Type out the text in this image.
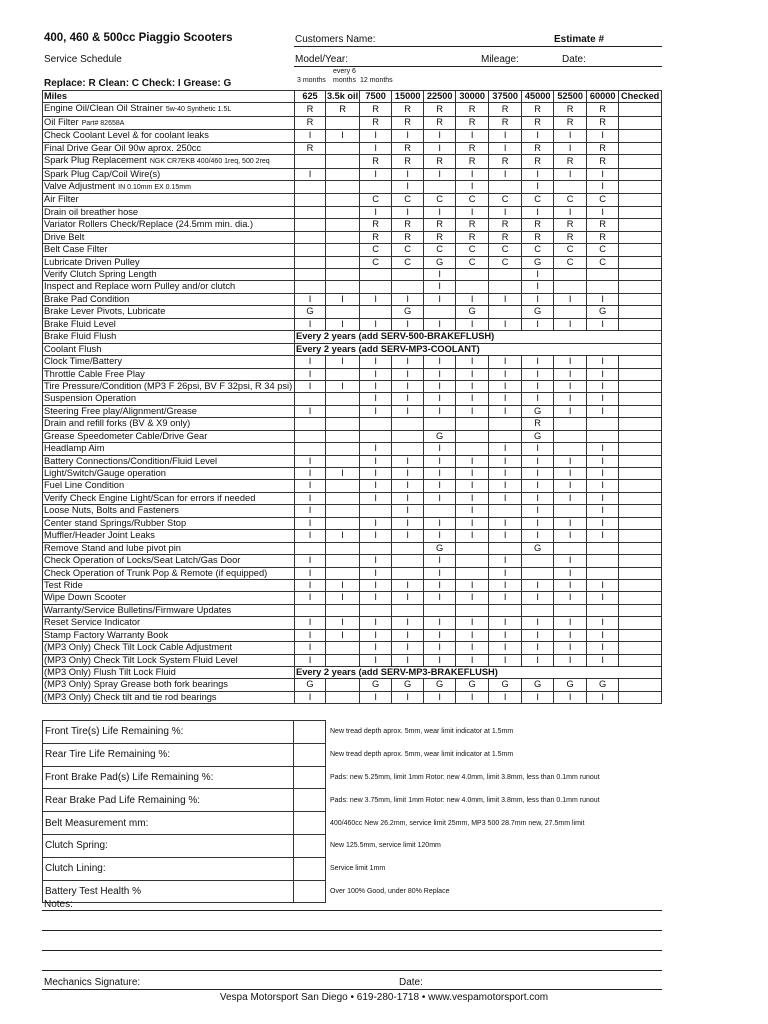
400, 460 & 500cc Piaggio Scooters	Customers Name:	Estimate #
Service Schedule	Model/Year:	Mileage:	Date:
Replace: R Clean: C Check: I Grease: G
every 6
3 months months 12 months
Miles	625	3.5k oil	7500	15000	22500	30000	37500	45000	52500	60000	Checked
Engine Oil/Clean Oil Strainer 5w-40 Synthetic 1.5L	R	R	R	R	R	R	R	R	R	R	
Oil Filter Part# 82658A	R		R	R	R	R	R	R	R	R	
Check Coolant Level & for coolant leaks	I	I	I	I	I	I	I	I	I	I	
Final Drive Gear Oil 90w aprox. 250cc	R		I	R	I	R	I	R	I	R	
Spark Plug Replacement NGK CR7EKB 400/460 1req, 500 2req			R	R	R	R	R	R	R	R	
Spark Plug Cap/Coil Wire(s)	I		I	I	I	I	I	I	I	I	
Valve Adjustment IN 0.10mm EX 0.15mm				I		I		I		I	
Air Filter			C	C	C	C	C	C	C	C	
Drain oil breather hose			I	I	I	I	I	I	I	I	
Variator Rollers Check/Replace (24.5mm min. dia.)			R	R	R	R	R	R	R	R	
Drive Belt			R	R	R	R	R	R	R	R	
Belt Case Filter			C	C	C	C	C	C	C	C	
Lubricate Driven Pulley			C	C	G	C	C	G	C	C	
Verify Clutch Spring Length					I			I			
Inspect and Replace worn Pulley and/or clutch					I			I			
Brake Pad Condition	I	I	I	I	I	I	I	I	I	I	
Brake Lever Pivots, Lubricate	G			G		G		G		G	
Brake Fluid Level	I	I	I	I	I	I	I	I	I	I	
Brake Fluid Flush	Every 2 years (add SERV-500-BRAKEFLUSH)										
Coolant Flush	Every 2 years (add SERV-MP3-COOLANT)										
Clock Time/Battery	I	I	I	I	I	I	I	I	I	I	
Throttle Cable Free Play	I		I	I	I	I	I	I	I	I	
Tire Pressure/Condition (MP3 F 26psi, BV F 32psi, R 34 psi)	I	I	I	I	I	I	I	I	I	I	
Suspension Operation			I	I	I	I	I	I	I	I	
Steering Free play/Alignment/Grease	I		I	I	I	I	I	G	I	I	
Drain and refill forks (BV & X9 only)								R			
Grease Speedometer Cable/Drive Gear					G			G			
Headlamp Aim			I		I		I	I		I	
Battery Connections/Condition/Fluid Level	I		I	I	I	I	I	I	I	I	
Light/Switch/Gauge operation	I	I	I	I	I	I	I	I	I	I	
Fuel Line Condition	I		I	I	I	I	I	I	I	I	
Verify Check Engine Light/Scan for errors if needed	I		I	I	I	I	I	I	I	I	
Loose Nuts, Bolts and Fasteners	I			I		I		I		I	
Center stand Springs/Rubber Stop	I		I	I	I	I	I	I	I	I	
Muffler/Header Joint Leaks	I	I	I	I	I	I	I	I	I	I	
Remove Stand and lube pivot pin					G			G			
Check Operation of Locks/Seat Latch/Gas Door	I		I		I		I		I		
Check Operation of Trunk Pop & Remote (if equipped)	I		I		I		I		I		
Test Ride	I	I	I	I	I	I	I	I	I	I	
Wipe Down Scooter	I	I	I	I	I	I	I	I	I	I	
Warranty/Service Bulletins/Firmware Updates											
Reset Service Indicator	I	I	I	I	I	I	I	I	I	I	
Stamp Factory Warranty Book	I	I	I	I	I	I	I	I	I	I	
(MP3 Only) Check Tilt Lock Cable Adjustment	I		I	I	I	I	I	I	I	I	
(MP3 Only) Check Tilt Lock System Fluid Level	I		I	I	I	I	I	I	I	I	
(MP3 Only) Flush Tilt Lock Fluid	Every 2 years (add SERV-MP3-BRAKEFLUSH)										
(MP3 Only) Spray Grease both fork bearings	G		G	G	G	G	G	G	G	G	
(MP3 Only) Check tilt and tie rod bearings	I		I	I	I	I	I	I	I	I	
Front Tire(s) Life Remaining %:		New tread depth aprox. 5mm, wear limit indicator at 1.5mm
Rear Tire Life Remaining %:		New tread depth aprox. 5mm, wear limit indicator at 1.5mm
Front Brake Pad(s) Life Remaining %:		Pads: new 5.25mm, limit 1mm Rotor: new 4.0mm, limit 3.8mm, less than 0.1mm runout
Rear Brake Pad Life Remaining %:		Pads: new 3.75mm, limit 1mm Rotor: new 4.0mm, limit 3.8mm, less than 0.1mm runout
Belt Measurement mm:		400/460cc New 26.2mm, service limit 25mm, MP3 500 28.7mm new, 27.5mm limit
Clutch Spring:		New 125.5mm, service limit 120mm
Clutch Lining:		Service limit 1mm
Battery Test Health %		Over 100% Good, under 80% Replace
Notes:
Mechanics Signature:	Date:
Vespa Motorsport San Diego • 619-280-1718 • www.vespamotorsport.com
